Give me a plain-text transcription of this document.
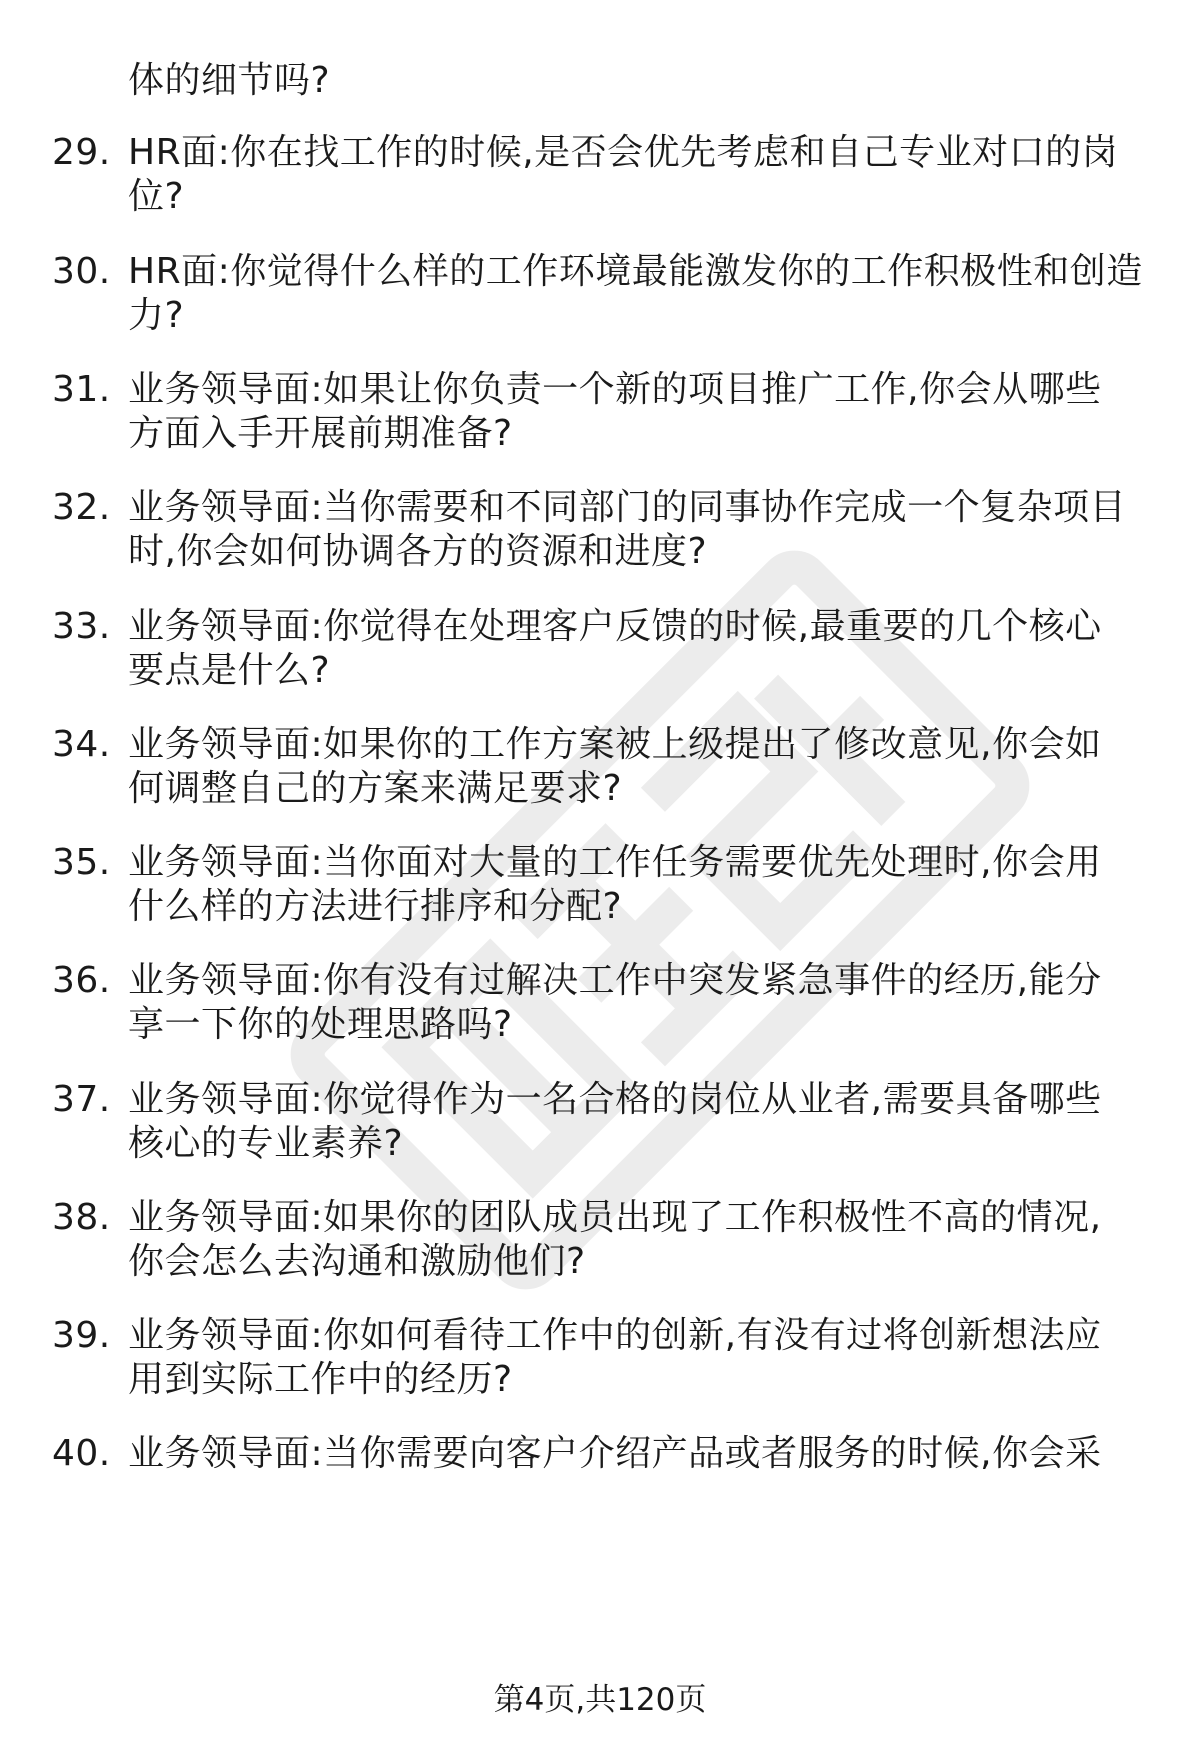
体的细节吗?
29. HR面:你在找工作的时候,是否会优先考虑和自己专业对口的岗
位?
30. HR面:你觉得什么样的工作环境最能激发你的工作积极性和创造
力?
31. 业务领导面:如果让你负责一个新的项目推广工作,你会从哪些
方面入手开展前期准备?
32. 业务领导面:当你需要和不同部门的同事协作完成一个复杂项目
时,你会如何协调各方的资源和进度?
33. 业务领导面:你觉得在处理客户反馈的时候,最重要的几个核心
要点是什么?
34. 业务领导面:如果你的工作方案被上级提出了修改意见,你会如
何调整自己的方案来满足要求?
35. 业务领导面:当你面对大量的工作任务需要优先处理时,你会用
什么样的方法进行排序和分配?
36. 业务领导面:你有没有过解决工作中突发紧急事件的经历,能分
享一下你的处理思路吗?
37. 业务领导面:你觉得作为一名合格的岗位从业者,需要具备哪些
核心的专业素养?
38. 业务领导面:如果你的团队成员出现了工作积极性不高的情况,
你会怎么去沟通和激励他们?
39. 业务领导面:你如何看待工作中的创新,有没有过将创新想法应
用到实际工作中的经历?
40. 业务领导面:当你需要向客户介绍产品或者服务的时候,你会采
第4页,共120页
